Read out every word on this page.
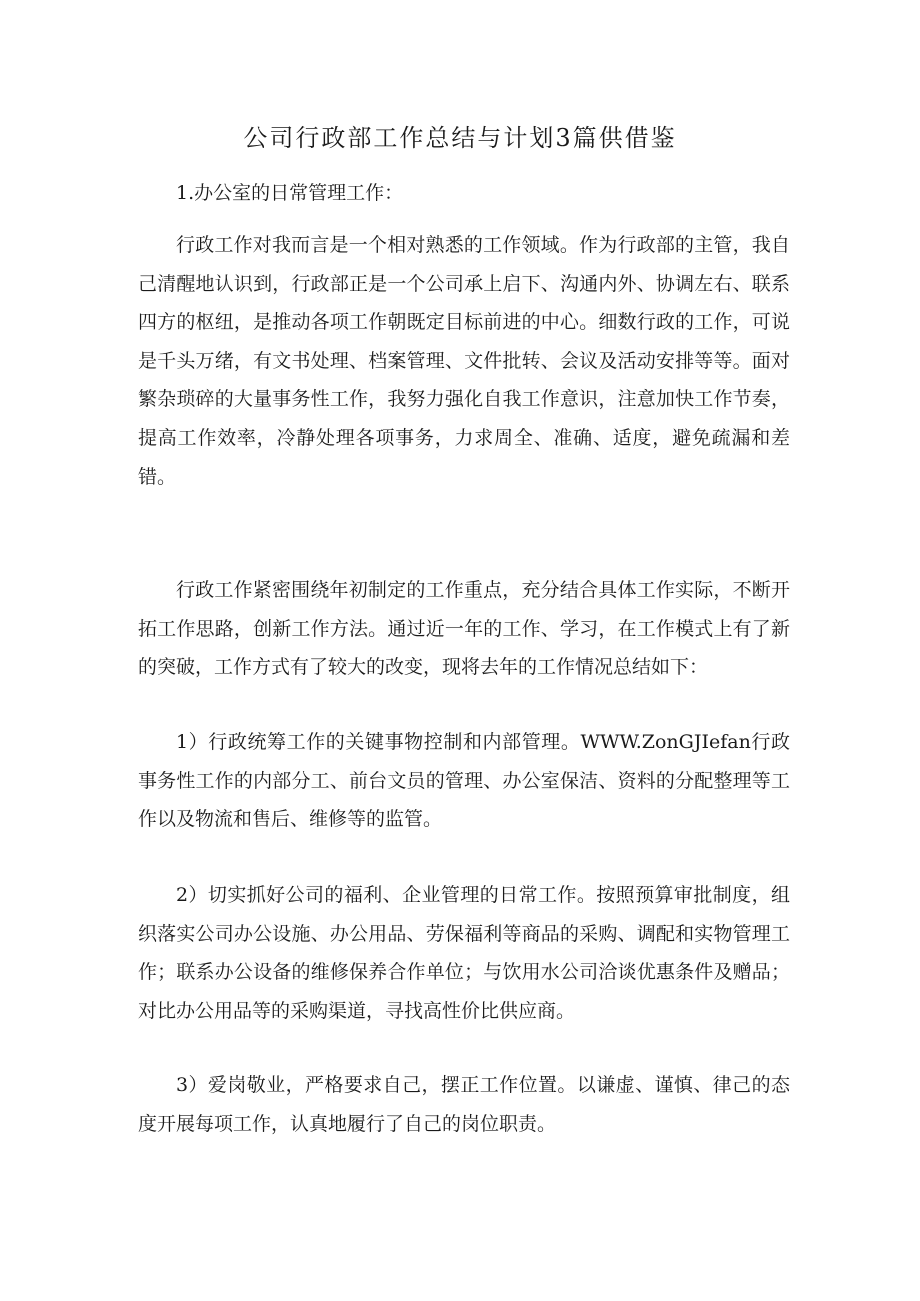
公司行政部工作总结与计划3篇供借鉴
1.办公室的日常管理工作：

行政工作对我而言是一个相对熟悉的工作领域。作为行政部的主管，我自己清醒地认识到，行政部正是一个公司承上启下、沟通内外、协调左右、联系四方的枢纽，是推动各项工作朝既定目标前进的中心。细数行政的工作，可说是千头万绪，有文书处理、档案管理、文件批转、会议及活动安排等等。面对繁杂琐碎的大量事务性工作，我努力强化自我工作意识，注意加快工作节奏，提高工作效率，冷静处理各项事务，力求周全、准确、适度，避免疏漏和差错。

行政工作紧密围绕年初制定的工作重点，充分结合具体工作实际，不断开拓工作思路，创新工作方法。通过近一年的工作、学习，在工作模式上有了新的突破，工作方式有了较大的改变，现将去年的工作情况总结如下：

1）行政统筹工作的关键事物控制和内部管理。WWW.ZonGJIefan行政事务性工作的内部分工、前台文员的管理、办公室保洁、资料的分配整理等工作以及物流和售后、维修等的监管。

2）切实抓好公司的福利、企业管理的日常工作。按照预算审批制度，组织落实公司办公设施、办公用品、劳保福利等商品的采购、调配和实物管理工作；联系办公设备的维修保养合作单位；与饮用水公司洽谈优惠条件及赠品；对比办公用品等的采购渠道，寻找高性价比供应商。

3）爱岗敬业，严格要求自己，摆正工作位置。以谦虚、谨慎、律己的态度开展每项工作，认真地履行了自己的岗位职责。
